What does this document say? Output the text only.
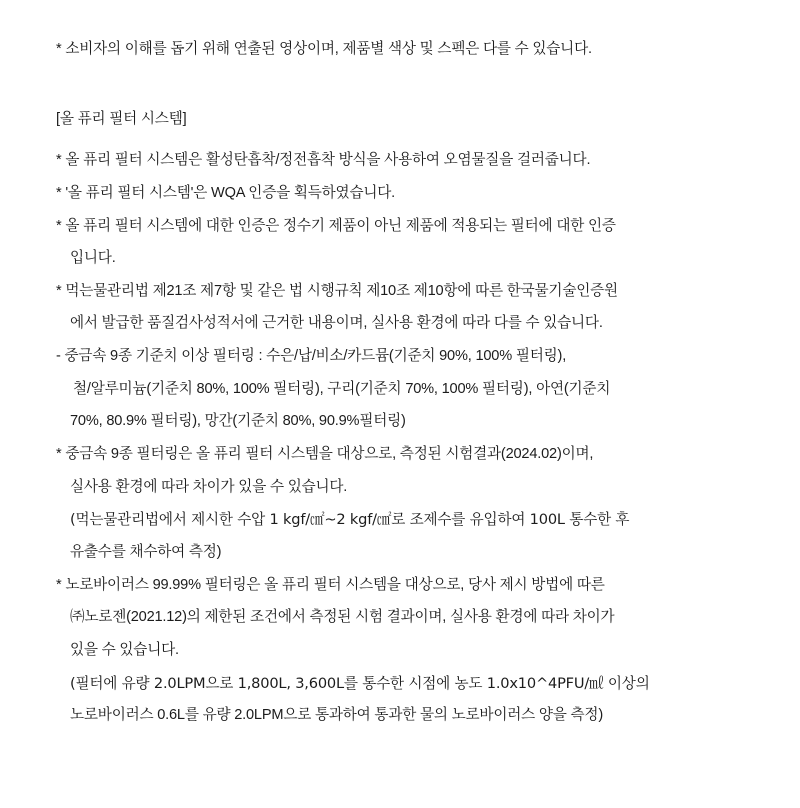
* 소비자의 이해를 돕기 위해 연출된 영상이며, 제품별 색상 및 스펙은 다를 수 있습니다.

[올 퓨리 필터 시스템]

* 올 퓨리 필터 시스템은 활성탄흡착/정전흡착 방식을 사용하여 오염물질을 걸러줍니다.

* '올 퓨리 필터 시스템'은 WQA 인증을 획득하였습니다.

* 올 퓨리 필터 시스템에 대한 인증은 정수기 제품이 아닌 제품에 적용되는 필터에 대한 인증

입니다.

* 먹는물관리법 제21조 제7항 및 같은 법 시행규칙 제10조 제10항에 따른 한국물기술인증원

에서 발급한 품질검사성적서에 근거한 내용이며, 실사용 환경에 따라 다를 수 있습니다.

- 중금속 9종 기준치 이상 필터링 : 수은/납/비소/카드뮴(기준치 90%, 100% 필터링),

철/알루미늄(기준치 80%, 100% 필터링), 구리(기준치 70%, 100% 필터링), 아연(기준치

70%, 80.9% 필터링), 망간(기준치 80%, 90.9%필터링)

* 중금속 9종 필터링은 올 퓨리 필터 시스템을 대상으로, 측정된 시험결과(2024.02)이며,

실사용 환경에 따라 차이가 있을 수 있습니다.

(먹는물관리법에서 제시한 수압 1 kgf/㎠~2 kgf/㎠로 조제수를 유입하여 100L 통수한 후

유출수를 채수하여 측정)

* 노로바이러스 99.99% 필터링은 올 퓨리 필터 시스템을 대상으로, 당사 제시 방법에 따른

㈜노로젠(2021.12)의 제한된 조건에서 측정된 시험 결과이며, 실사용 환경에 따라 차이가

있을 수 있습니다.

(필터에 유량 2.0LPM으로 1,800L, 3,600L를 통수한 시점에 농도 1.0x10^4PFU/㎖ 이상의

노로바이러스 0.6L를 유량 2.0LPM으로 통과하여 통과한 물의 노로바이러스 양을 측정)
